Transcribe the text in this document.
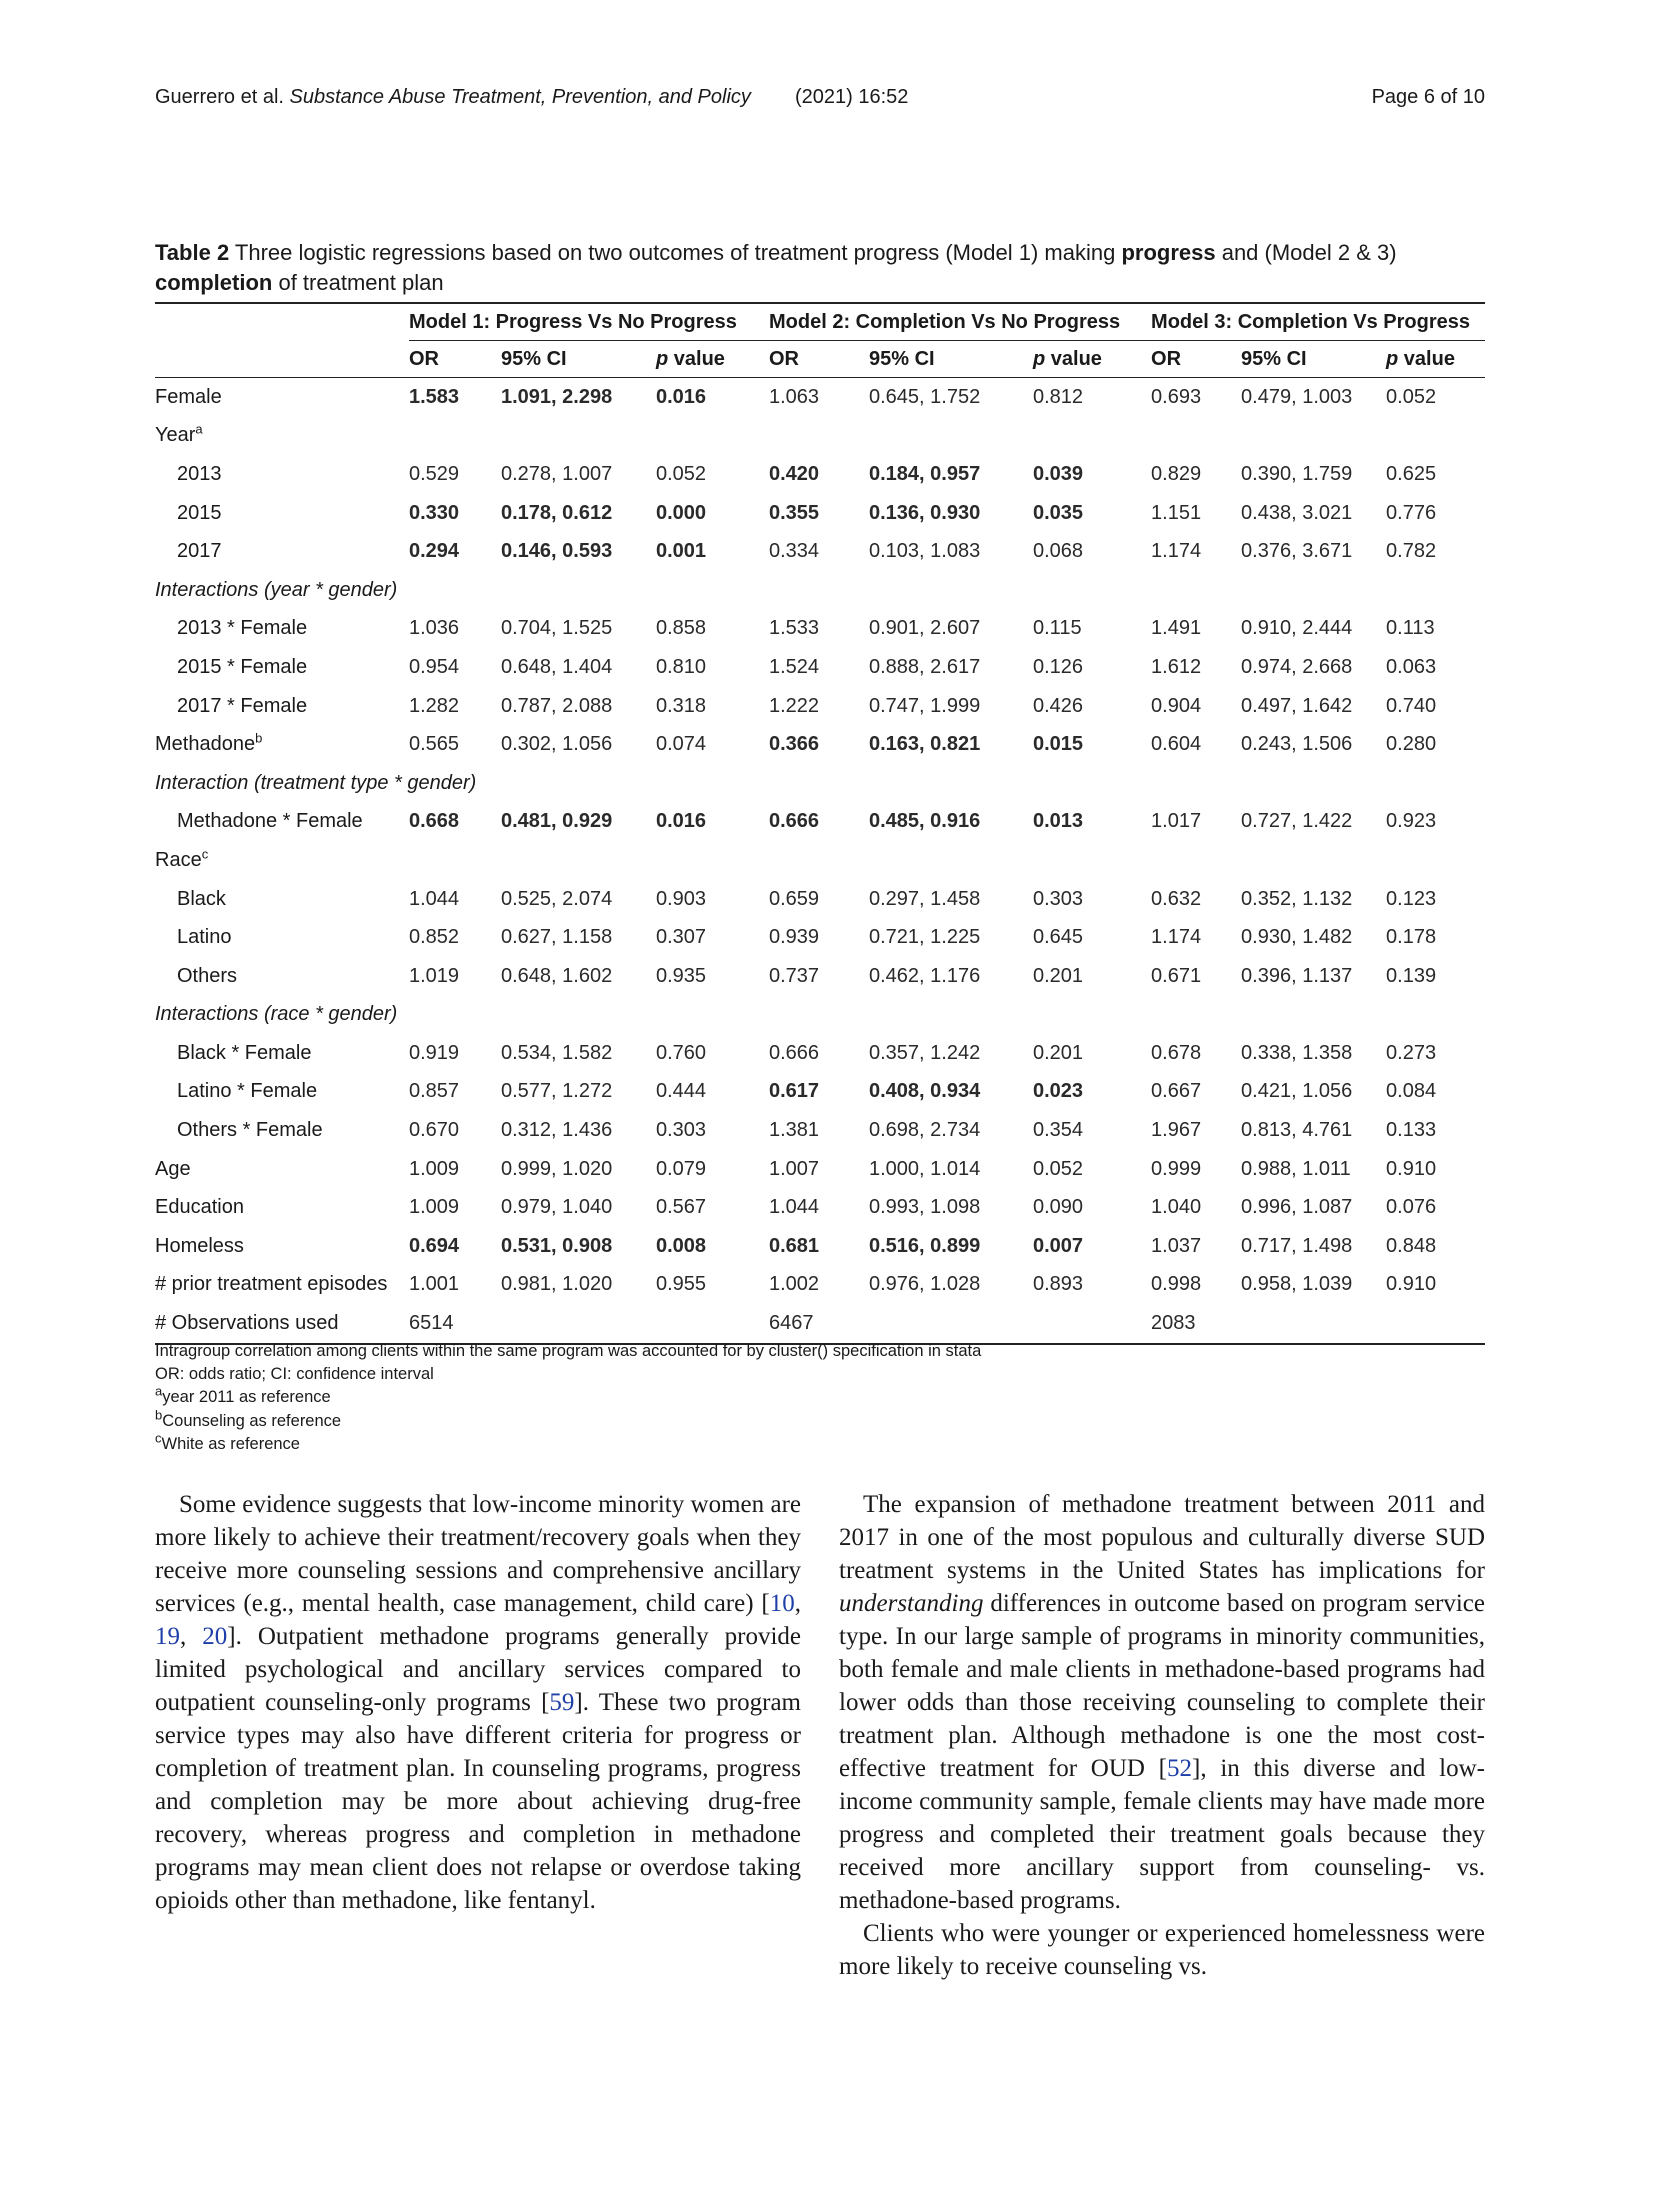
Guerrero et al. Substance Abuse Treatment, Prevention, and Policy (2021) 16:52	Page 6 of 10
Table 2 Three logistic regressions based on two outcomes of treatment progress (Model 1) making progress and (Model 2 & 3) completion of treatment plan
	Model 1: Progress Vs No Progress			Model 2: Completion Vs No Progress			Model 3: Completion Vs Progress		
	OR	95% CI	p value	OR	95% CI	p value	OR	95% CI	p value
Female	1.583	1.091, 2.298	0.016	1.063	0.645, 1.752	0.812	0.693	0.479, 1.003	0.052
Year$^a$									
2013	0.529	0.278, 1.007	0.052	0.420	0.184, 0.957	0.039	0.829	0.390, 1.759	0.625
2015	0.330	0.178, 0.612	0.000	0.355	0.136, 0.930	0.035	1.151	0.438, 3.021	0.776
2017	0.294	0.146, 0.593	0.001	0.334	0.103, 1.083	0.068	1.174	0.376, 3.671	0.782
Interactions (year * gender)									
2013 * Female	1.036	0.704, 1.525	0.858	1.533	0.901, 2.607	0.115	1.491	0.910, 2.444	0.113
2015 * Female	0.954	0.648, 1.404	0.810	1.524	0.888, 2.617	0.126	1.612	0.974, 2.668	0.063
2017 * Female	1.282	0.787, 2.088	0.318	1.222	0.747, 1.999	0.426	0.904	0.497, 1.642	0.740
Methadone$^b$	0.565	0.302, 1.056	0.074	0.366	0.163, 0.821	0.015	0.604	0.243, 1.506	0.280
Interaction (treatment type * gender)									
Methadone * Female	0.668	0.481, 0.929	0.016	0.666	0.485, 0.916	0.013	1.017	0.727, 1.422	0.923
Race$^c$									
Black	1.044	0.525, 2.074	0.903	0.659	0.297, 1.458	0.303	0.632	0.352, 1.132	0.123
Latino	0.852	0.627, 1.158	0.307	0.939	0.721, 1.225	0.645	1.174	0.930, 1.482	0.178
Others	1.019	0.648, 1.602	0.935	0.737	0.462, 1.176	0.201	0.671	0.396, 1.137	0.139
Interactions (race * gender)									
Black * Female	0.919	0.534, 1.582	0.760	0.666	0.357, 1.242	0.201	0.678	0.338, 1.358	0.273
Latino * Female	0.857	0.577, 1.272	0.444	0.617	0.408, 0.934	0.023	0.667	0.421, 1.056	0.084
Others * Female	0.670	0.312, 1.436	0.303	1.381	0.698, 2.734	0.354	1.967	0.813, 4.761	0.133
Age	1.009	0.999, 1.020	0.079	1.007	1.000, 1.014	0.052	0.999	0.988, 1.011	0.910
Education	1.009	0.979, 1.040	0.567	1.044	0.993, 1.098	0.090	1.040	0.996, 1.087	0.076
Homeless	0.694	0.531, 0.908	0.008	0.681	0.516, 0.899	0.007	1.037	0.717, 1.498	0.848
# prior treatment episodes	1.001	0.981, 1.020	0.955	1.002	0.976, 1.028	0.893	0.998	0.958, 1.039	0.910
# Observations used	6514			6467			2083		
Intragroup correlation among clients within the same program was accounted for by cluster() specification in stata
OR: odds ratio; CI: confidence interval
$^a$year 2011 as reference
$^b$Counseling as reference
$^c$White as reference

Some evidence suggests that low-income minority women are more likely to achieve their treatment/recovery goals when they receive more counseling sessions and comprehensive ancillary services (e.g., mental health, case management, child care) [10, 19, 20]. Outpatient methadone programs generally provide limited psychological and ancillary services compared to outpatient counseling-only programs [59]. These two program service types may also have different criteria for progress or completion of treatment plan. In counseling programs, progress and completion may be more about achieving drug-free recovery, whereas progress and completion in methadone programs may mean client does not relapse or overdose taking opioids other than methadone, like fentanyl.

The expansion of methadone treatment between 2011 and 2017 in one of the most populous and culturally diverse SUD treatment systems in the United States has implications for understanding differences in outcome based on program service type. In our large sample of programs in minority communities, both female and male clients in methadone-based programs had lower odds than those receiving counseling to complete their treatment plan. Although methadone is one the most cost-effective treatment for OUD [52], in this diverse and low-income community sample, female clients may have made more progress and completed their treatment goals because they received more ancillary support from counseling- vs. methadone-based programs.

Clients who were younger or experienced homelessness were more likely to receive counseling vs.
